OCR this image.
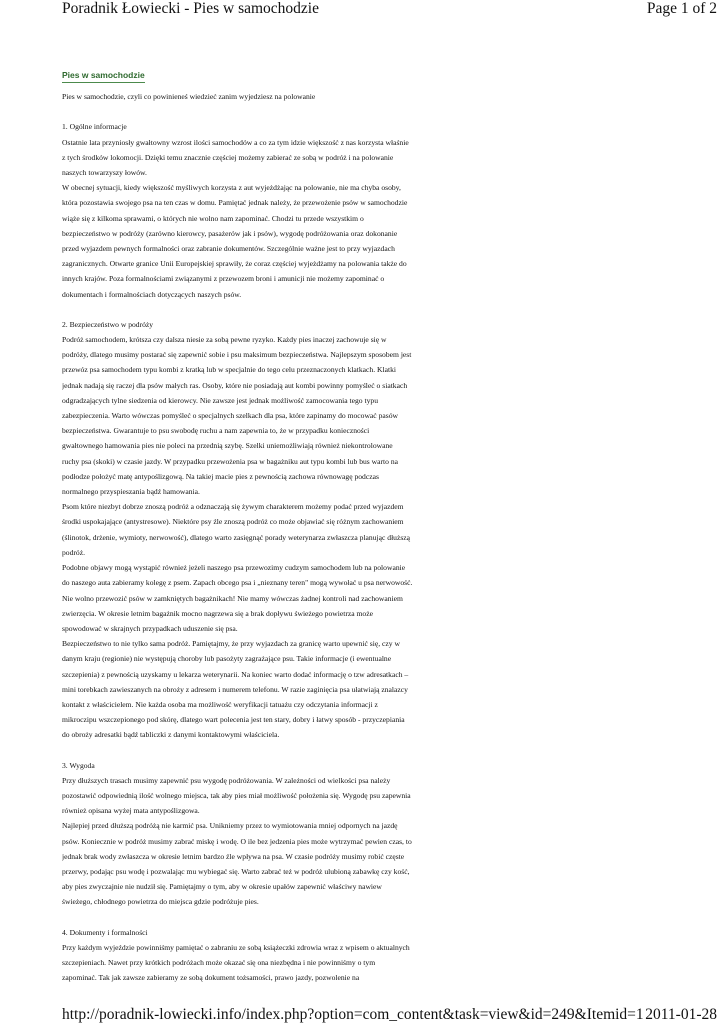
Poradnik Łowiecki - Pies w samochodzie	Page 1 of 2
Pies w samochodzie
Pies w samochodzie, czyli co powinieneś wiedzieć zanim wyjedziesz na polowanie
1. Ogólne informacje
Ostatnie lata przyniosły gwałtowny wzrost ilości samochodów a co za tym idzie większość z nas korzysta właśnie
z tych środków lokomocji. Dzięki temu znacznie częściej możemy zabierać ze sobą w podróż i na polowanie
naszych towarzyszy łowów.
W obecnej sytuacji, kiedy większość myśliwych korzysta z aut wyjeżdżając na polowanie, nie ma chyba osoby,
która pozostawia swojego psa na ten czas w domu. Pamiętać jednak należy, że przewożenie psów w samochodzie
wiąże się z kilkoma sprawami, o których nie wolno nam zapominać. Chodzi tu przede wszystkim o
bezpieczeństwo w podróży (zarówno kierowcy, pasażerów jak i psów), wygodę podróżowania oraz dokonanie
przed wyjazdem pewnych formalności oraz zabranie dokumentów. Szczególnie ważne jest to przy wyjazdach
zagranicznych. Otwarte granice Unii Europejskiej sprawiły, że coraz częściej wyjeżdżamy na polowania także do
innych krajów. Poza formalnościami związanymi z przewozem broni i amunicji nie możemy zapominać o
dokumentach i formalnościach dotyczących naszych psów.
2. Bezpieczeństwo w podróży
Podróż samochodem, krótsza czy dalsza niesie za sobą pewne ryzyko. Każdy pies inaczej zachowuje się w
podróży, dlatego musimy postarać się zapewnić sobie i psu maksimum bezpieczeństwa. Najlepszym sposobem jest
przewóz psa samochodem typu kombi z kratką lub w specjalnie do tego celu przeznaczonych klatkach. Klatki
jednak nadają się raczej dla psów małych ras. Osoby, które nie posiadają aut kombi powinny pomyśleć o siatkach
odgradzających tylne siedzenia od kierowcy. Nie zawsze jest jednak możliwość zamocowania tego typu
zabezpieczenia. Warto wówczas pomyśleć o specjalnych szelkach dla psa, które zapinamy do mocować pasów
bezpieczeństwa. Gwarantuje to psu swobodę ruchu a nam zapewnia to, że w przypadku konieczności
gwałtownego hamowania pies nie poleci na przednią szybę. Szelki uniemożliwiają również niekontrolowane
ruchy psa (skoki) w czasie jazdy. W przypadku przewożenia psa w bagażniku aut typu kombi lub bus warto na
podłodze położyć matę antypoślizgową. Na takiej macie pies z pewnością zachowa równowagę podczas
normalnego przyspieszania bądź hamowania.
Psom które niezbyt dobrze znoszą podróż a odznaczają się żywym charakterem możemy podać przed wyjazdem
środki uspokajające (antystresowe). Niektóre psy źle znoszą podróż co może objawiać się różnym zachowaniem
(ślinotok, drżenie, wymioty, nerwowość), dlatego warto zasięgnąć porady weterynarza zwłaszcza planując dłuższą
podróż.
Podobne objawy mogą wystąpić również jeżeli naszego psa przewozimy cudzym samochodem lub na polowanie
do naszego auta zabieramy kolegę z psem. Zapach obcego psa i „nieznany teren" mogą wywołać u psa nerwowość.
Nie wolno przewozić psów w zamkniętych bagażnikach! Nie mamy wówczas żadnej kontroli nad zachowaniem
zwierzęcia. W okresie letnim bagażnik mocno nagrzewa się a brak dopływu świeżego powietrza może
spowodować w skrajnych przypadkach uduszenie się psa.
Bezpieczeństwo to nie tylko sama podróż. Pamiętajmy, że przy wyjazdach za granicę warto upewnić się, czy w
danym kraju (regionie) nie występują choroby lub pasożyty zagrażające psu. Takie informacje (i ewentualne
szczepienia) z pewnością uzyskamy u lekarza weterynarii. Na koniec warto dodać informację o tzw adresatkach –
mini torebkach zawieszanych na obroży z adresem i numerem telefonu. W razie zaginięcia psa ułatwiają znalazcy
kontakt z właścicielem. Nie każda osoba ma możliwość weryfikacji tatuażu czy odczytania informacji z
mikroczipu wszczepionego pod skórę, dlatego wart polecenia jest ten stary, dobry i łatwy sposób - przyczepiania
do obroży adresatki bądź tabliczki z danymi kontaktowymi właściciela.
3. Wygoda
Przy dłuższych trasach musimy zapewnić psu wygodę podróżowania. W zależności od wielkości psa należy
pozostawić odpowiednią ilość wolnego miejsca, tak aby pies miał możliwość położenia się. Wygodę psu zapewnia
również opisana wyżej mata antypoślizgowa.
Najlepiej przed dłuższą podróżą nie karmić psa. Unikniemy przez to wymiotowania mniej odpornych na jazdę
psów. Koniecznie w podróż musimy zabrać miskę i wodę. O ile bez jedzenia pies może wytrzymać pewien czas, to
jednak brak wody zwłaszcza w okresie letnim bardzo źle wpływa na psa. W czasie podróży musimy robić częste
przerwy, podając psu wodę i pozwalając mu wybiegać się. Warto zabrać też w podróż ulubioną zabawkę czy kość,
aby pies zwyczajnie nie nudził się. Pamiętajmy o tym, aby w okresie upałów zapewnić właściwy nawiew
świeżego, chłodnego powietrza do miejsca gdzie podróżuje pies.
4. Dokumenty i formalności
Przy każdym wyjeździe powinniśmy pamiętać o zabraniu ze sobą książeczki zdrowia wraz z wpisem o aktualnych
szczepieniach. Nawet przy krótkich podróżach może okazać się ona niezbędna i nie powinniśmy o tym
zapominać. Tak jak zawsze zabieramy ze sobą dokument tożsamości, prawo jazdy, pozwolenie na
http://poradnik-lowiecki.info/index.php?option=com_content&task=view&id=249&Itemid=1 2011-01-28
